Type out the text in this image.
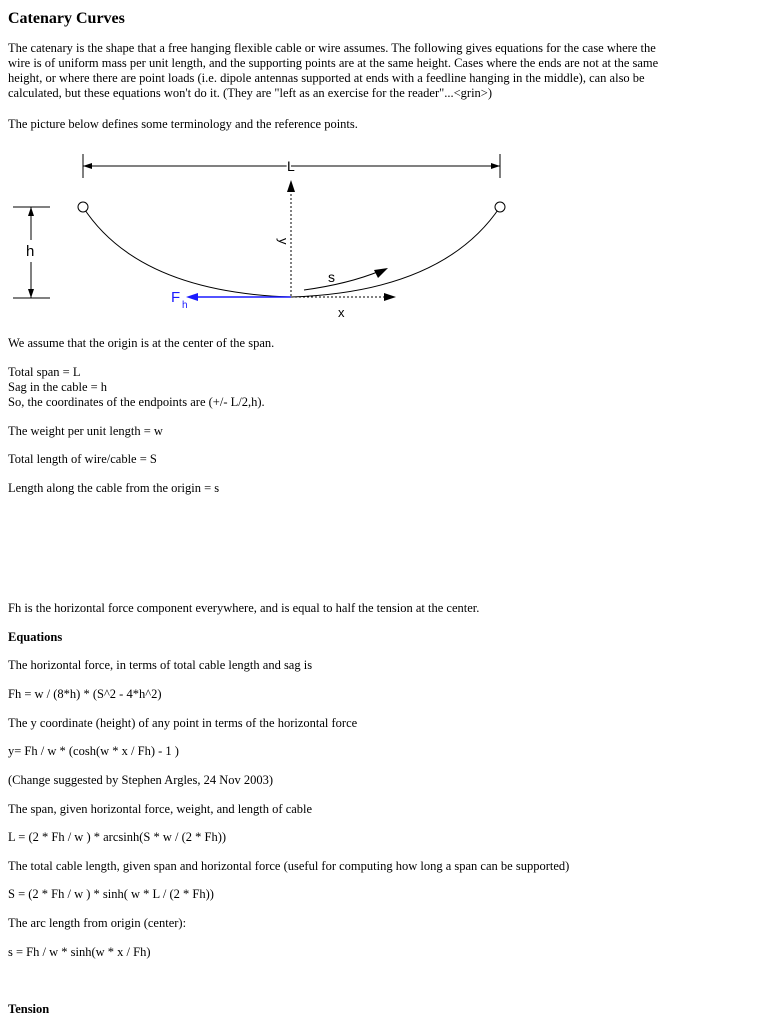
Catenary Curves
The catenary is the shape that a free hanging flexible cable or wire assumes. The following gives equations for the case where the
wire is of uniform mass per unit length, and the supporting points are at the same height. Cases where the ends are not at the same
height, or where there are point loads (i.e. dipole antennas supported at ends with a feedline hanging in the middle), can also be
calculated, but these equations won't do it. (They are "left as an exercise for the reader"...<grin>)

The picture below defines some terminology and the reference points.

L
h
y
x
s
F h

We assume that the origin is at the center of the span.

Total span = L
Sag in the cable = h
So, the coordinates of the endpoints are (+/- L/2,h).

The weight per unit length = w

Total length of wire/cable = S

Length along the cable from the origin = s

Fh is the horizontal force component everywhere, and is equal to half the tension at the center.

Equations

The horizontal force, in terms of total cable length and sag is

Fh = w / (8*h) * (S^2 - 4*h^2)

The y coordinate (height) of any point in terms of the horizontal force

y= Fh / w * (cosh(w * x / Fh) - 1 )

(Change suggested by Stephen Argles, 24 Nov 2003)

The span, given horizontal force, weight, and length of cable

L = (2 * Fh / w ) * arcsinh(S * w / (2 * Fh))

The total cable length, given span and horizontal force (useful for computing how long a span can be supported)

S = (2 * Fh / w ) * sinh( w * L / (2 * Fh))

The arc length from origin (center):

s = Fh / w * sinh(w * x / Fh)

Tension
